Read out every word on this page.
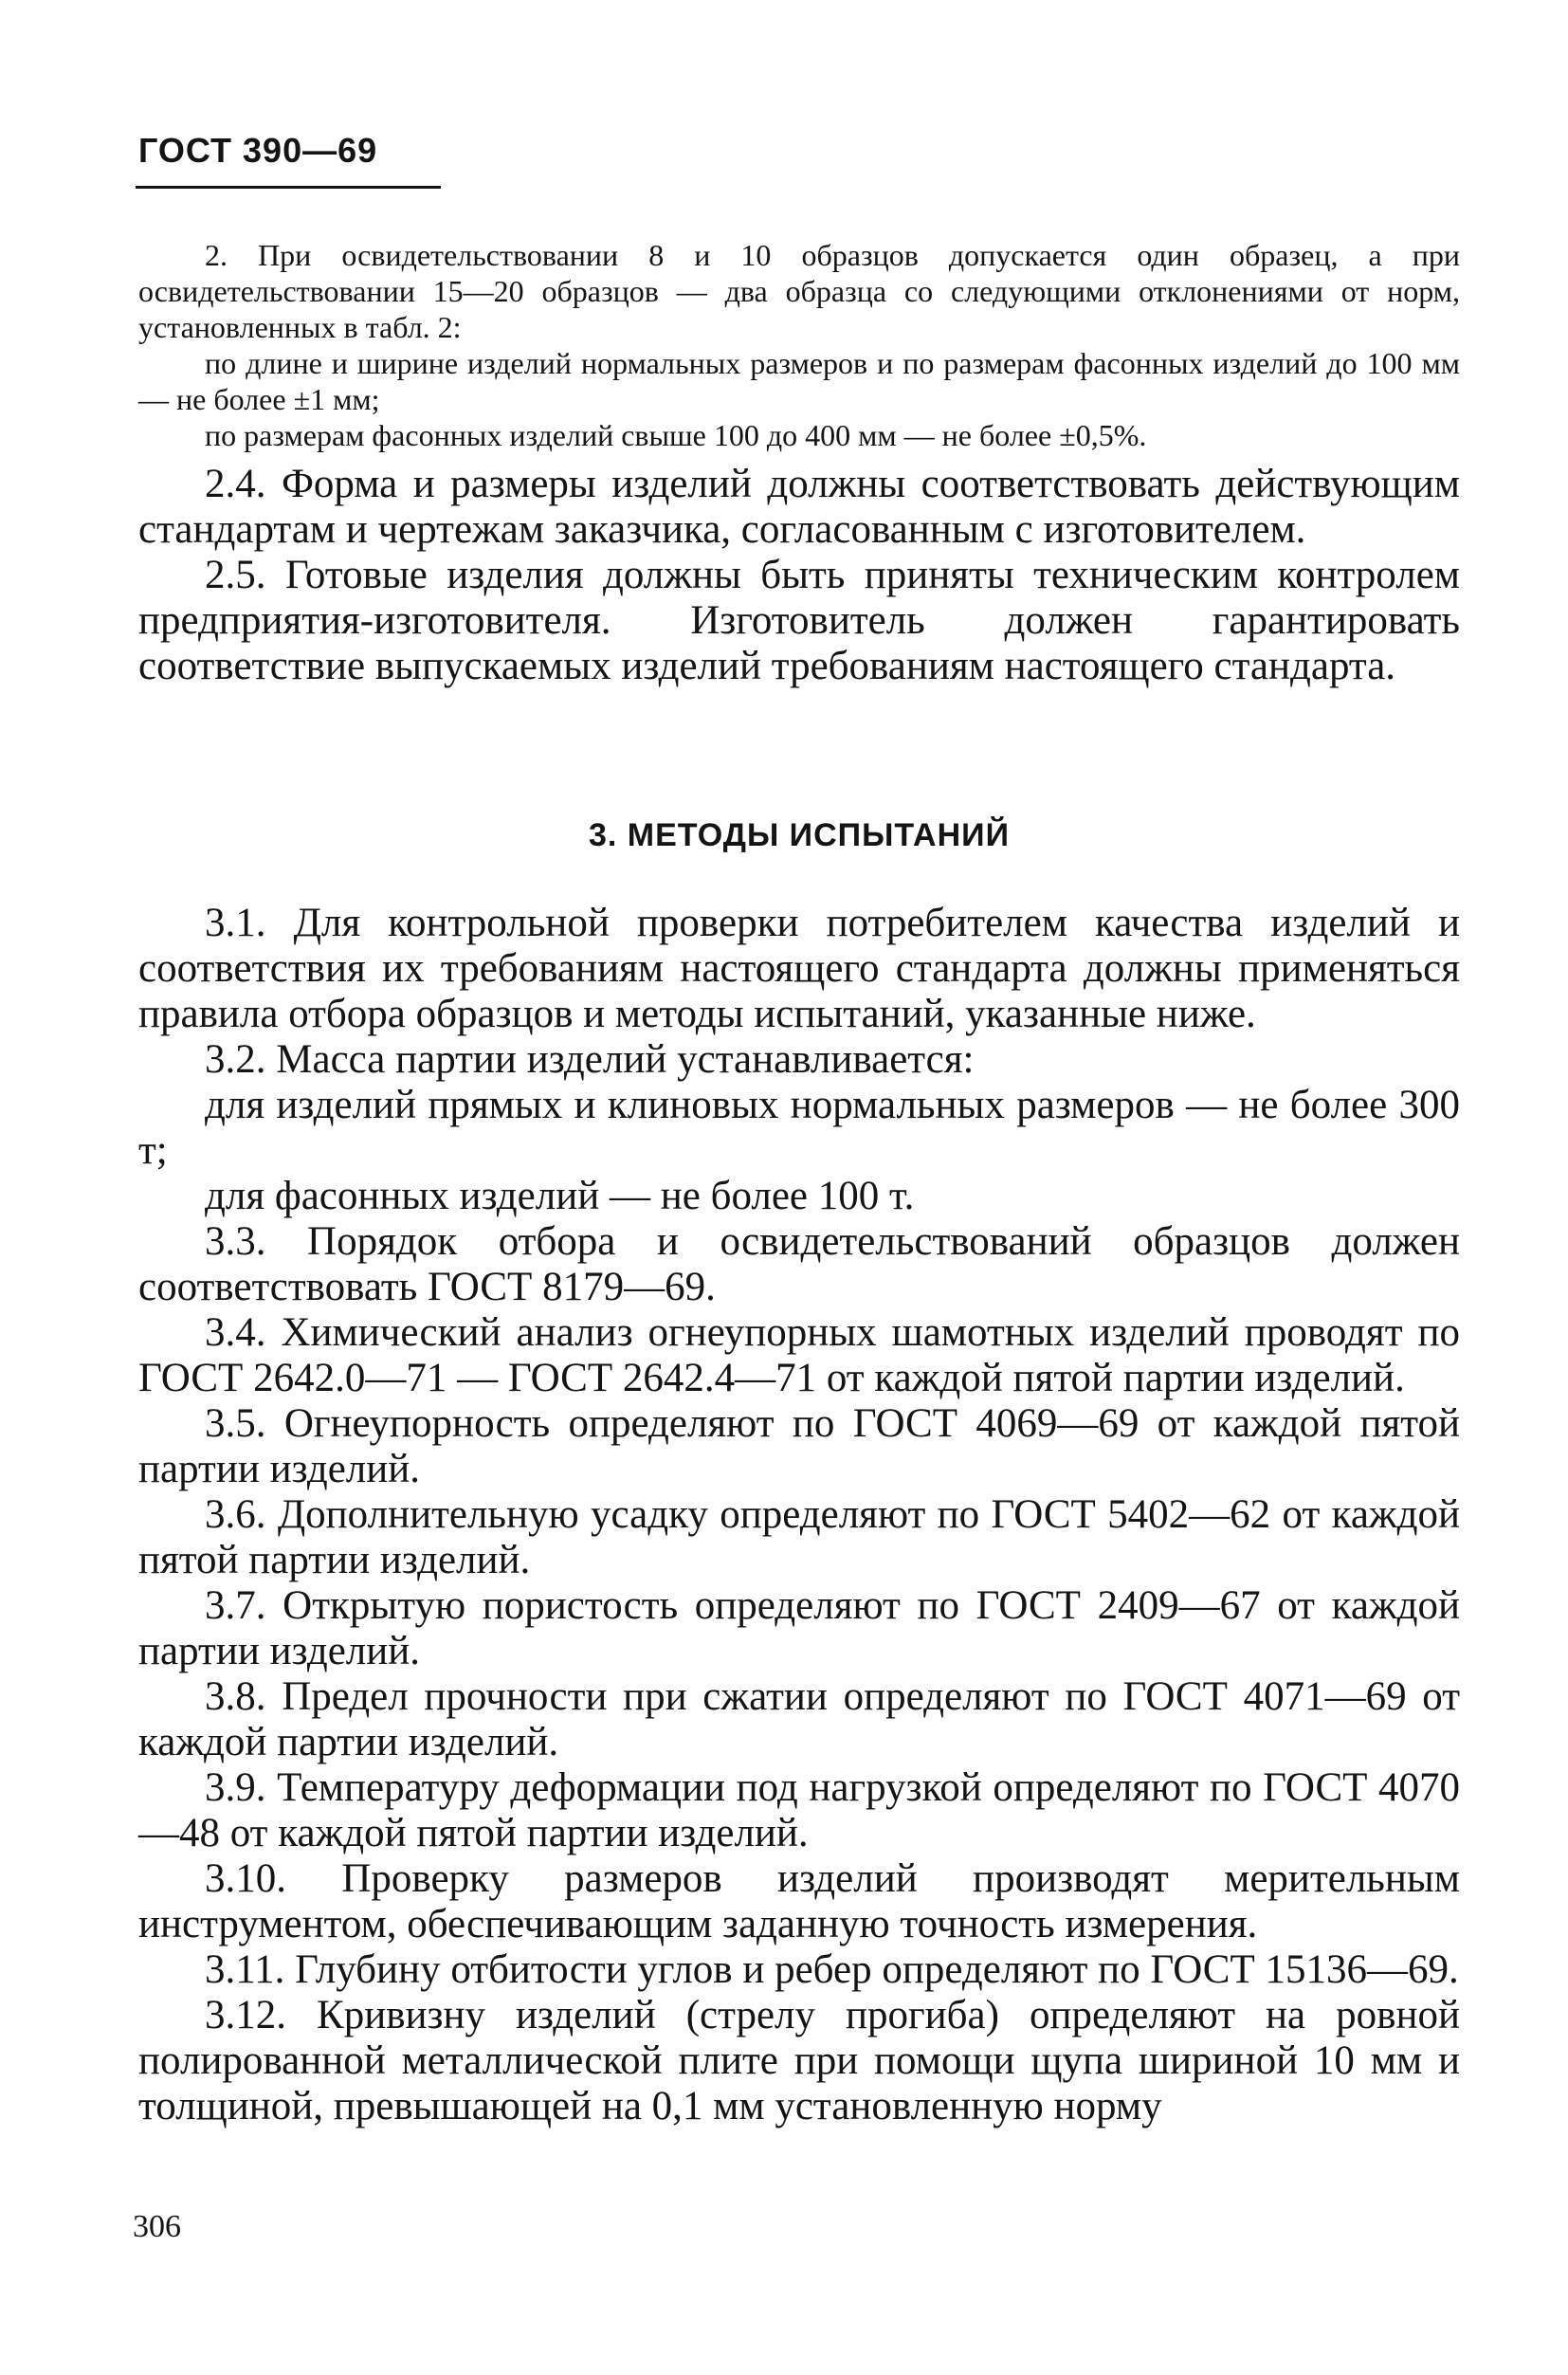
ГОСТ 390—69

2. При освидетельствовании 8 и 10 образцов допускается один образец, а при освидетельствовании 15—20 образцов — два образца со следующими отклонениями от норм, установленных в табл. 2:

по длине и ширине изделий нормальных размеров и по размерам фасонных изделий до 100 мм — не более ±1 мм;

по размерам фасонных изделий свыше 100 до 400 мм — не более ±0,5%.

2.4. Форма и размеры изделий должны соответствовать действующим стандартам и чертежам заказчика, согласованным с изготовителем.

2.5. Готовые изделия должны быть приняты техническим контролем предприятия-изготовителя. Изготовитель должен гарантировать соответствие выпускаемых изделий требованиям настоящего стандарта.

3. МЕТОДЫ ИСПЫТАНИЙ

3.1. Для контрольной проверки потребителем качества изделий и соответствия их требованиям настоящего стандарта должны применяться правила отбора образцов и методы испытаний, указанные ниже.

3.2. Масса партии изделий устанавливается:

для изделий прямых и клиновых нормальных размеров — не более 300 т;

для фасонных изделий — не более 100 т.

3.3. Порядок отбора и освидетельствований образцов должен соответствовать ГОСТ 8179—69.

3.4. Химический анализ огнеупорных шамотных изделий проводят по ГОСТ 2642.0—71 — ГОСТ 2642.4—71 от каждой пятой партии изделий.

3.5. Огнеупорность определяют по ГОСТ 4069—69 от каждой пятой партии изделий.

3.6. Дополнительную усадку определяют по ГОСТ 5402—62 от каждой пятой партии изделий.

3.7. Открытую пористость определяют по ГОСТ 2409—67 от каждой партии изделий.

3.8. Предел прочности при сжатии определяют по ГОСТ 4071—69 от каждой партии изделий.

3.9. Температуру деформации под нагрузкой определяют по ГОСТ 4070—48 от каждой пятой партии изделий.

3.10. Проверку размеров изделий производят мерительным инструментом, обеспечивающим заданную точность измерения.

3.11. Глубину отбитости углов и ребер определяют по ГОСТ 15136—69.

3.12. Кривизну изделий (стрелу прогиба) определяют на ровной полированной металлической плите при помощи щупа шириной 10 мм и толщиной, превышающей на 0,1 мм установленную норму

306
